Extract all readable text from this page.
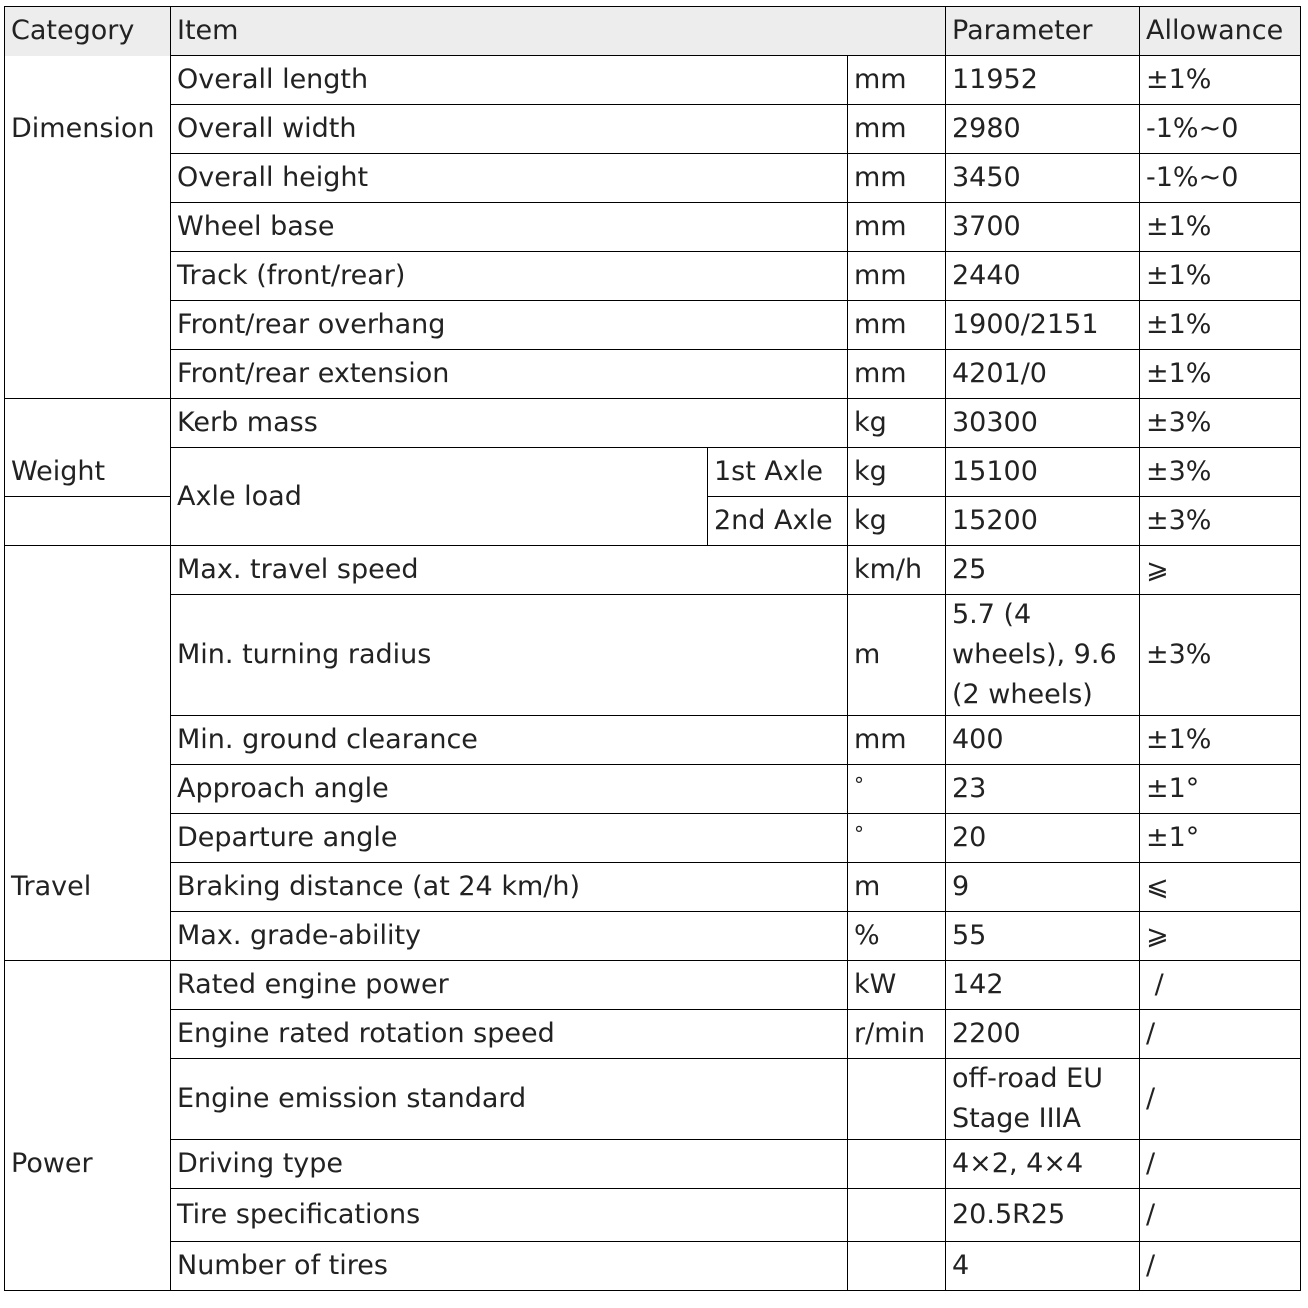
Category	Item			Parameter	Allowance
	Overall length		mm	11952	±1%
Dimension	Overall width		mm	2980	-1%~0
	Overall height		mm	3450	-1%~0
	Wheel base		mm	3700	±1%
	Track (front/rear)		mm	2440	±1%
	Front/rear overhang		mm	1900/2151	±1%
	Front/rear extension		mm	4201/0	±1%
	Kerb mass		kg	30300	±3%
Weight	Axle load	1st Axle	kg	15100	±3%
		2nd Axle	kg	15200	±3%
	Max. travel speed		km/h	25	⩾
	Min. turning radius		m	5.7 (4 wheels), 9.6 (2 wheels)	±3%
	Min. ground clearance		mm	400	±1%
	Approach angle		°	23	±1°
	Departure angle		°	20	±1°
Travel	Braking distance (at 24 km/h)		m	9	⩽
	Max. grade-ability		%	55	⩾
	Rated engine power		kW	142	/
	Engine rated rotation speed		r/min	2200	/
	Engine emission standard			off-road EU Stage IIIA	/
Power	Driving type			4×2, 4×4	/
	Tire specifications			20.5R25	/
	Number of tires			4	/
